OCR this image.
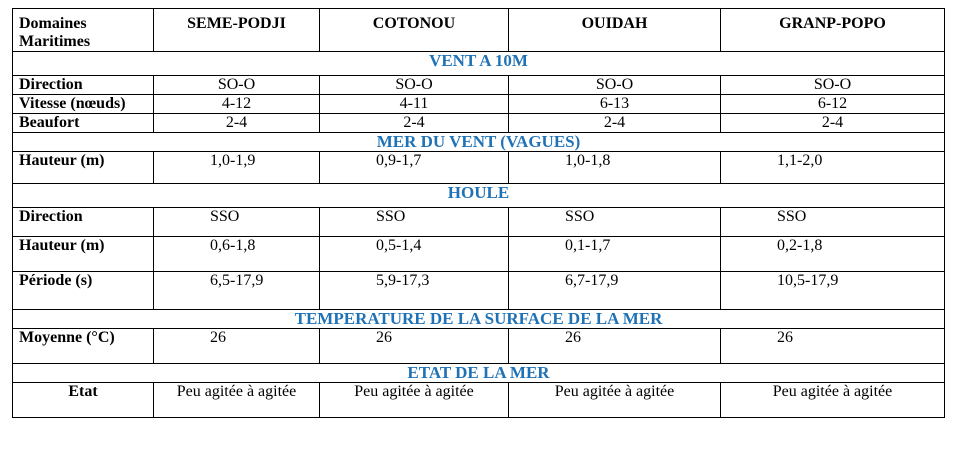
Domaines Maritimes	SEME-PODJI	COTONOU	OUIDAH	GRANP-POPO
VENT A 10M				
Direction	SO-O	SO-O	SO-O	SO-O
Vitesse (nœuds)	4-12	4-11	6-13	6-12
Beaufort	2-4	2-4	2-4	2-4
MER DU VENT (VAGUES)				
Hauteur (m)	1,0-1,9	0,9-1,7	1,0-1,8	1,1-2,0
HOULE				
Direction	SSO	SSO	SSO	SSO
Hauteur (m)	0,6-1,8	0,5-1,4	0,1-1,7	0,2-1,8
Période (s)	6,5-17,9	5,9-17,3	6,7-17,9	10,5-17,9
TEMPERATURE DE LA SURFACE DE LA MER				
Moyenne (°C)	26	26	26	26
ETAT DE LA MER				
Etat	Peu agitée à agitée	Peu agitée à agitée	Peu agitée à agitée	Peu agitée à agitée
